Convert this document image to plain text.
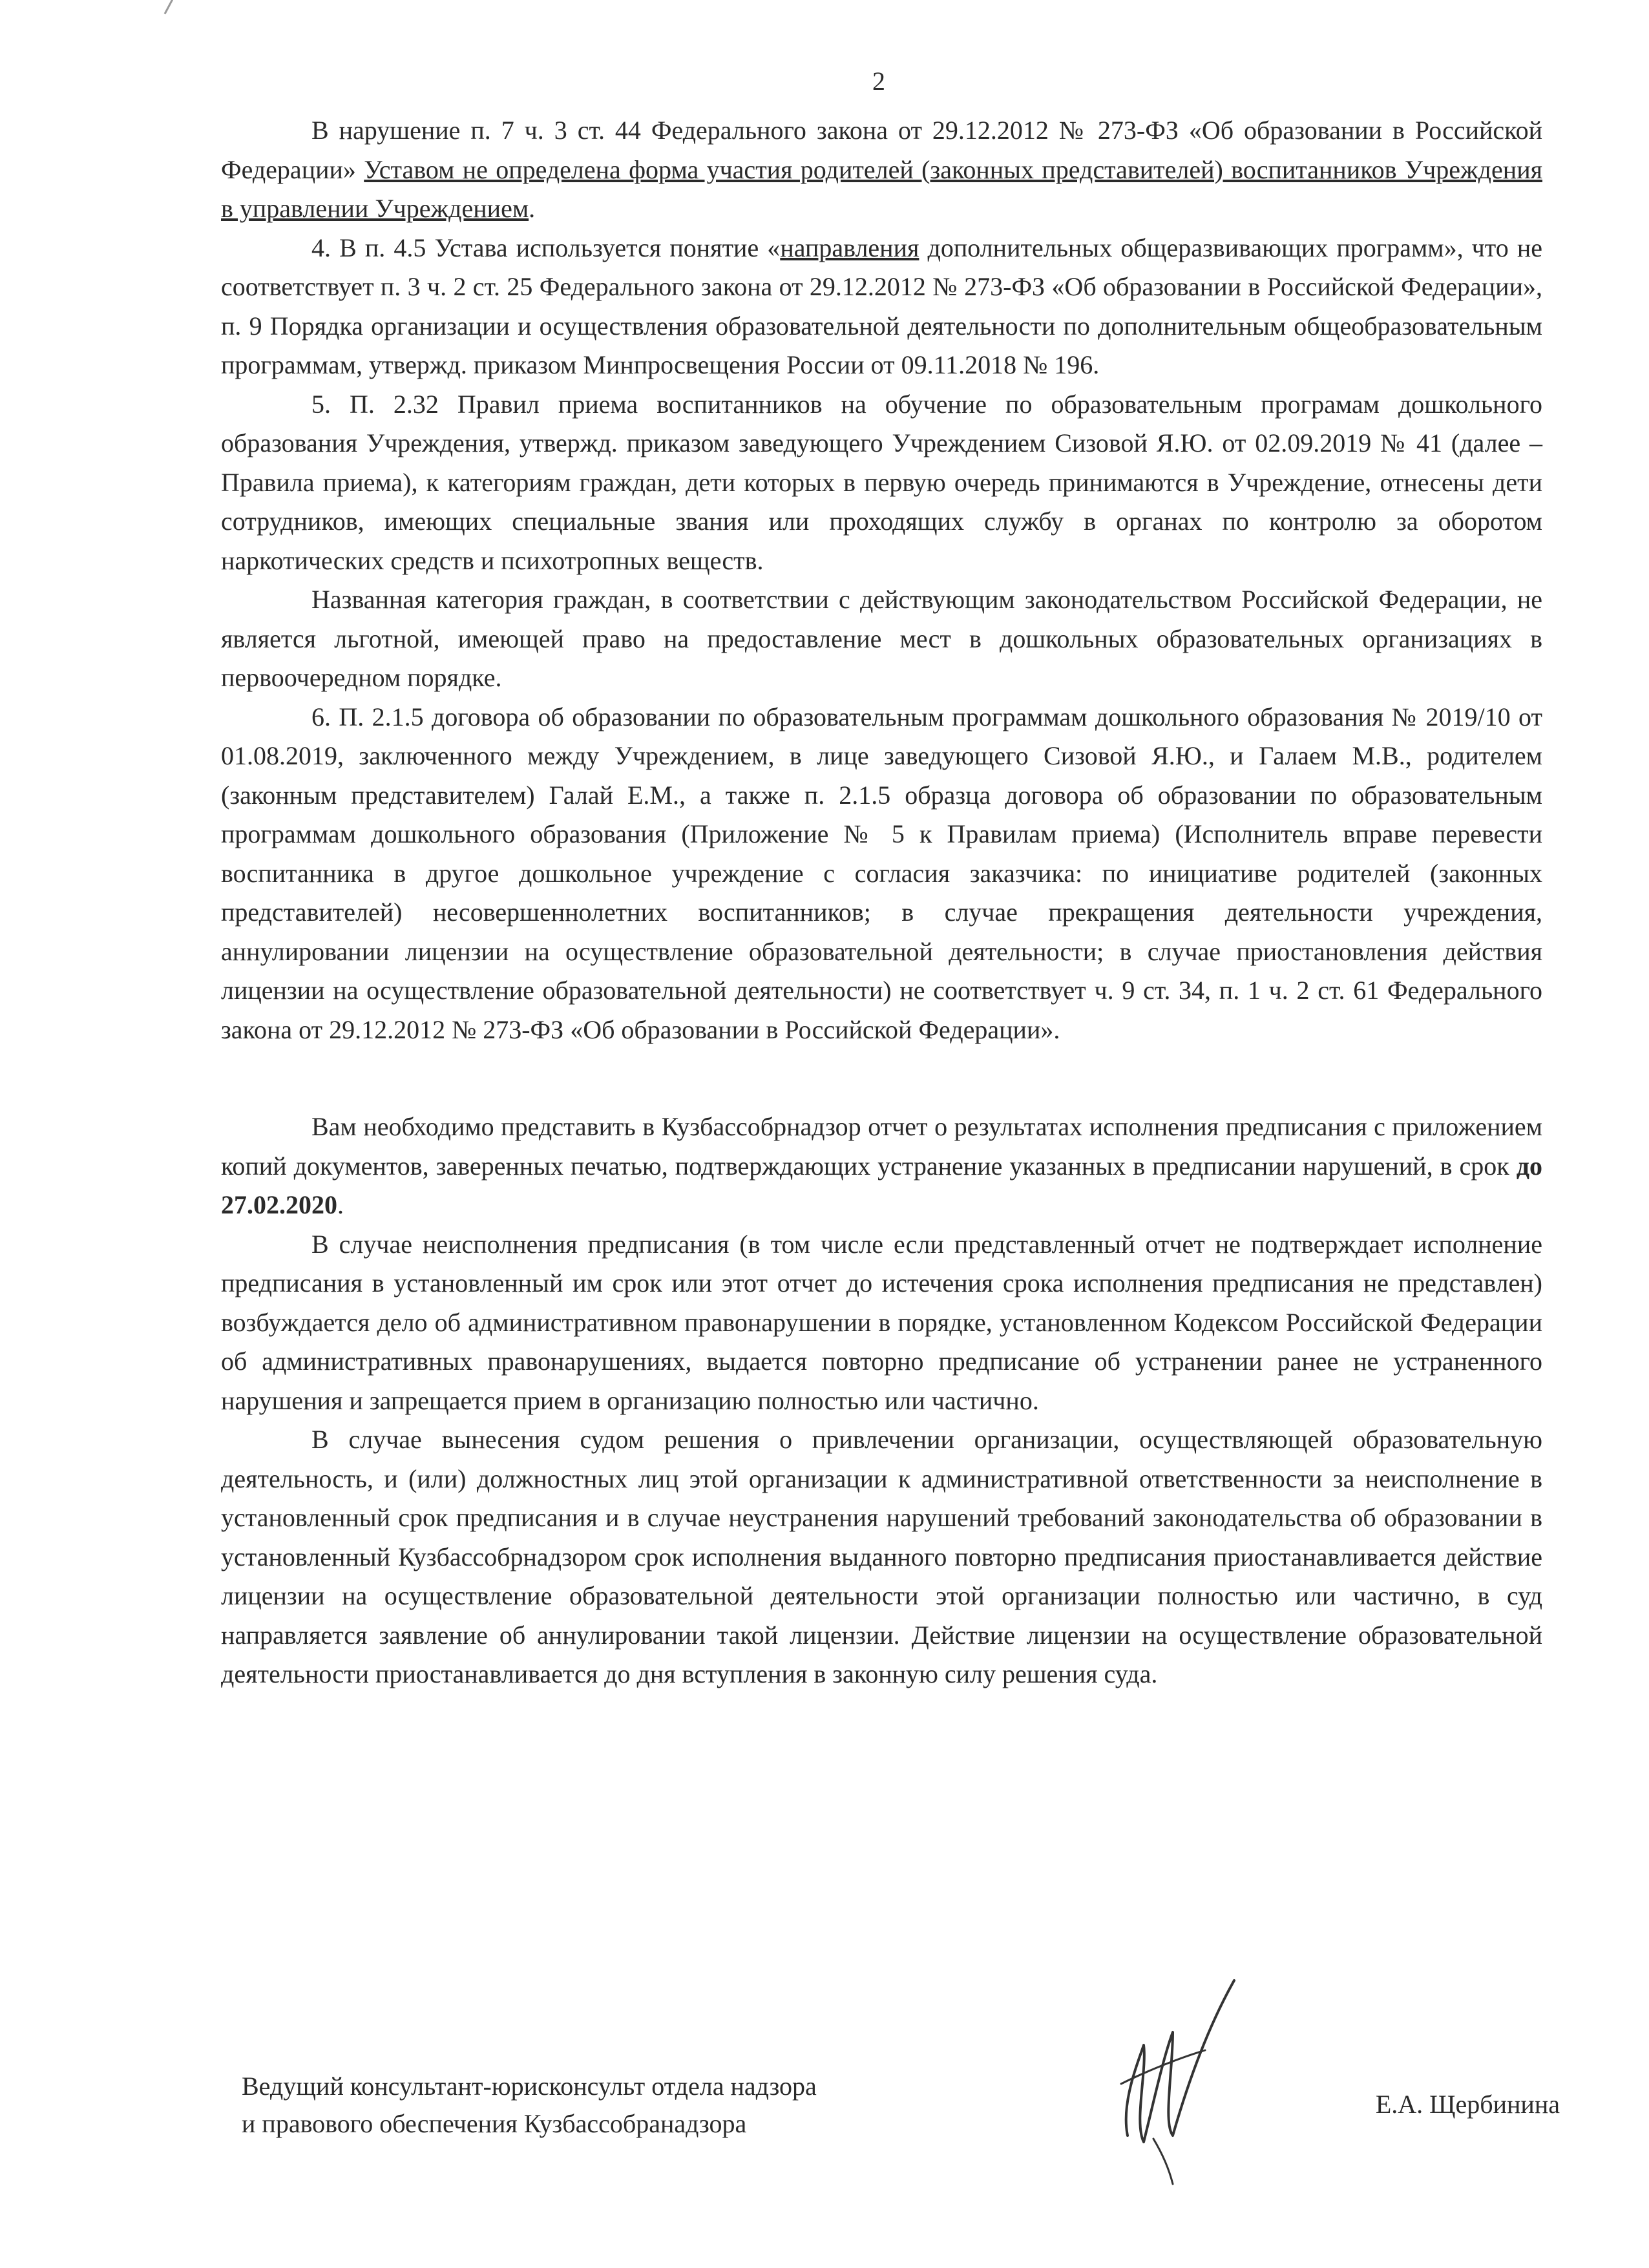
2

В нарушение п. 7 ч. 3 ст. 44 Федерального закона от 29.12.2012 № 273-ФЗ «Об образовании в Российской Федерации» Уставом не определена форма участия родителей (законных представителей) воспитанников Учреждения в управлении Учреждением.

4. В п. 4.5 Устава используется понятие «направления дополнительных общеразвивающих программ», что не соответствует п. 3 ч. 2 ст. 25 Федерального закона от 29.12.2012 № 273-ФЗ «Об образовании в Российской Федерации», п. 9 Порядка организации и осуществления образовательной деятельности по дополнительным общеобразовательным программам, утвержд. приказом Минпросвещения России от 09.11.2018 № 196.

5. П. 2.32 Правил приема воспитанников на обучение по образовательным програмам дошкольного образования Учреждения, утвержд. приказом заведующего Учреждением Сизовой Я.Ю. от 02.09.2019 № 41 (далее – Правила приема), к категориям граждан, дети которых в первую очередь принимаются в Учреждение, отнесены дети сотрудников, имеющих специальные звания или проходящих службу в органах по контролю за оборотом наркотических средств и психотропных веществ.

Названная категория граждан, в соответствии с действующим законодательством Российской Федерации, не является льготной, имеющей право на предоставление мест в дошкольных образовательных организациях в первоочередном порядке.

6. П. 2.1.5 договора об образовании по образовательным программам дошкольного образования № 2019/10 от 01.08.2019, заключенного между Учреждением, в лице заведующего Сизовой Я.Ю., и Галаем М.В., родителем (законным представителем) Галай Е.М., а также п. 2.1.5 образца договора об образовании по образовательным программам дошкольного образования (Приложение № 5 к Правилам приема) (Исполнитель вправе перевести воспитанника в другое дошкольное учреждение с согласия заказчика: по инициативе родителей (законных представителей) несовершеннолетних воспитанников; в случае прекращения деятельности учреждения, аннулировании лицензии на осуществление образовательной деятельности; в случае приостановления действия лицензии на осуществление образовательной деятельности) не соответствует ч. 9 ст. 34, п. 1 ч. 2 ст. 61 Федерального закона от 29.12.2012 № 273-ФЗ «Об образовании в Российской Федерации».

Вам необходимо представить в Кузбассобрнадзор отчет о результатах исполнения предписания с приложением копий документов, заверенных печатью, подтверждающих устранение указанных в предписании нарушений, в срок до 27.02.2020.

В случае неисполнения предписания (в том числе если представленный отчет не подтверждает исполнение предписания в установленный им срок или этот отчет до истечения срока исполнения предписания не представлен) возбуждается дело об административном правонарушении в порядке, установленном Кодексом Российской Федерации об административных правонарушениях, выдается повторно предписание об устранении ранее не устраненного нарушения и запрещается прием в организацию полностью или частично.

В случае вынесения судом решения о привлечении организации, осуществляющей образовательную деятельность, и (или) должностных лиц этой организации к административной ответственности за неисполнение в установленный срок предписания и в случае неустранения нарушений требований законодательства об образовании в установленный Кузбассобрнадзором срок исполнения выданного повторно предписания приостанавливается действие лицензии на осуществление образовательной деятельности этой организации полностью или частично, в суд направляется заявление об аннулировании такой лицензии. Действие лицензии на осуществление образовательной деятельности приостанавливается до дня вступления в законную силу решения суда.

Ведущий консультант-юрисконсульт отдела надзора
и правового обеспечения Кузбассобранадзора
Е.А. Щербинина
